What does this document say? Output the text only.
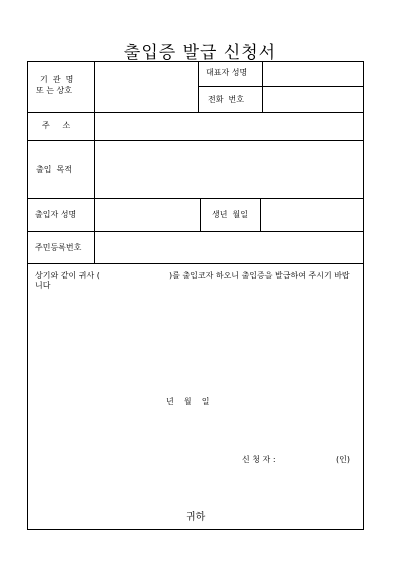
출입증 발급 신청서
기  관  명
또 는 상호
대표자 성명
전화  번호
주     소
출입  목적
출입자 성명	생년  월일
주민등록번호
상기와 같이 귀사 (	)를 출입코자 하오니 출입증을 발급하여 주시기 바랍
니다
년    월    일
신 청 자 :	(인)
귀하
